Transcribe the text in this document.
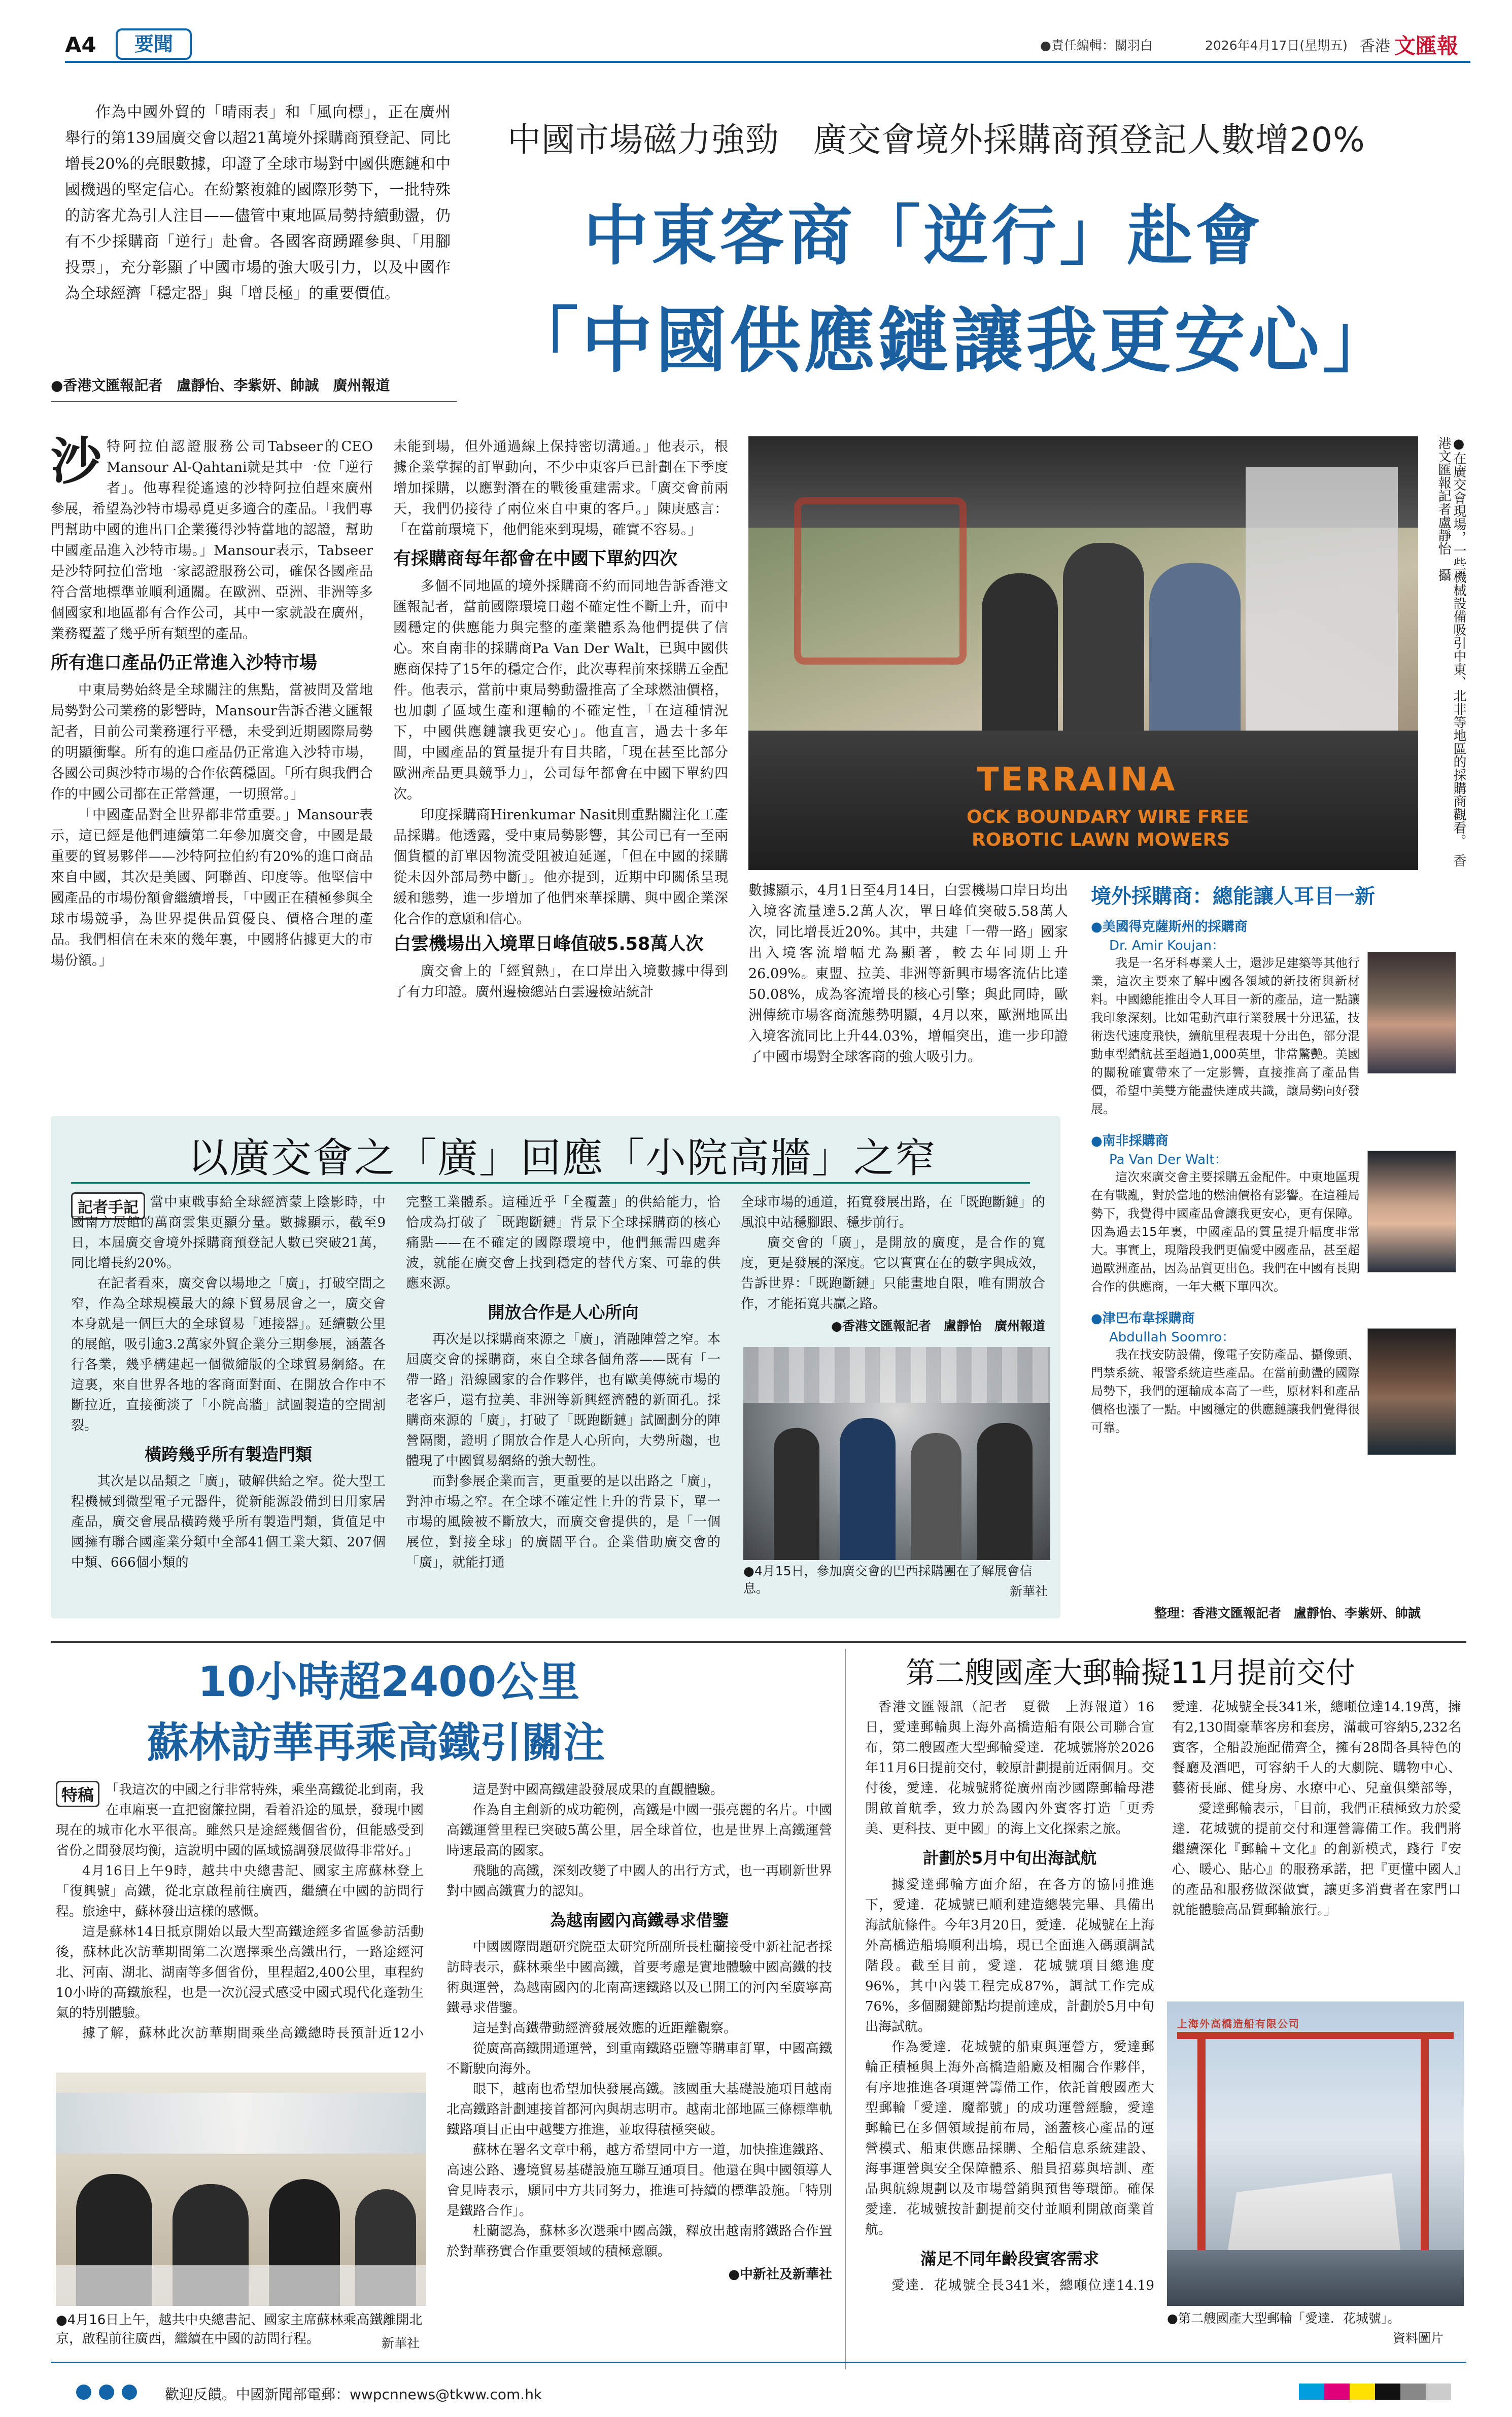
A4	要聞	●責任編輯：關羽白	2026年4月17日(星期五) 香港 文匯報

作為中國外貿的「晴雨表」和「風向標」，正在廣州舉行的第139屆廣交會以超21萬境外採購商預登記、同比增長20%的亮眼數據，印證了全球市場對中國供應鏈和中國機遇的堅定信心。在紛繁複雜的國際形勢下，一批特殊的訪客尤為引人注目——儘管中東地區局勢持續動盪，仍有不少採購商「逆行」赴會。各國客商踴躍參與、「用腳投票」，充分彰顯了中國市場的強大吸引力，以及中國作為全球經濟「穩定器」與「增長極」的重要價值。

●香港文匯報記者　盧靜怡、李紫妍、帥誠　廣州報道
中國市場磁力強勁　廣交會境外採購商預登記人數增20%
中東客商「逆行」赴會
「中國供應鏈讓我更安心」
沙 特阿拉伯認證服務公司Tabseer的CEO Mansour Al-Qahtani就是其中一位「逆行者」。他專程從遙遠的沙特阿拉伯趕來廣州參展，希望為沙特市場尋覓更多適合的產品。「我們專門幫助中國的進出口企業獲得沙特當地的認證，幫助中國產品進入沙特市場。」Mansour表示，Tabseer是沙特阿拉伯當地一家認證服務公司，確保各國產品符合當地標準並順利通關。在歐洲、亞洲、非洲等多個國家和地區都有合作公司，其中一家就設在廣州，業務覆蓋了幾乎所有類型的產品。

所有進口產品仍正常進入沙特市場

中東局勢始終是全球關注的焦點，當被問及當地局勢對公司業務的影響時，Mansour告訴香港文匯報記者，目前公司業務運行平穩，未受到近期國際局勢的明顯衝擊。所有的進口產品仍正常進入沙特市場，各國公司與沙特市場的合作依舊穩固。「所有與我們合作的中國公司都在正常營運，一切照常。」

「中國產品對全世界都非常重要。」Mansour表示，這已經是他們連續第二年參加廣交會，中國是最重要的貿易夥伴——沙特阿拉伯約有20%的進口商品來自中國，其次是美國、阿聯酋、印度等。他堅信中國產品的市場份額會繼續增長，「中國正在積極參與全球市場競爭，為世界提供品質優良、價格合理的產品。我們相信在未來的幾年裏，中國將佔據更大的市場份額。」

未能到場，但外通過線上保持密切溝通。」他表示，根據企業掌握的訂單動向，不少中東客戶已計劃在下季度增加採購，以應對潛在的戰後重建需求。「廣交會前兩天，我們仍接待了兩位來自中東的客戶。」陳庚感言：「在當前環境下，他們能來到現場，確實不容易。」

有採購商每年都會在中國下單約四次

多個不同地區的境外採購商不約而同地告訴香港文匯報記者，當前國際環境日趨不確定性不斷上升，而中國穩定的供應能力與完整的產業體系為他們提供了信心。來自南非的採購商Pa Van Der Walt，已與中國供應商保持了15年的穩定合作，此次專程前來採購五金配件。他表示，當前中東局勢動盪推高了全球燃油價格，也加劇了區域生產和運輸的不確定性，「在這種情況下，中國供應鏈讓我更安心」。他直言，過去十多年間，中國產品的質量提升有目共睹，「現在甚至比部分歐洲產品更具競爭力」，公司每年都會在中國下單約四次。

印度採購商Hirenkumar Nasit則重點關注化工產品採購。他透露，受中東局勢影響，其公司已有一至兩個貨櫃的訂單因物流受阻被迫延遲，「但在中國的採購從未因外部局勢中斷」。他亦提到，近期中印關係呈現緩和態勢，進一步增加了他們來華採購、與中國企業深化合作的意願和信心。

白雲機場出入境單日峰值破5.58萬人次

廣交會上的「經貿熱」，在口岸出入境數據中得到了有力印證。廣州邊檢總站白雲邊檢站統計

數據顯示，4月1日至4月14日，白雲機場口岸日均出入境客流量達5.2萬人次，單日峰值突破5.58萬人次，同比增長近20%。其中，共建「一帶一路」國家出入境客流增幅尤為顯著，較去年同期上升26.09%。東盟、拉美、非洲等新興市場客流佔比達50.08%，成為客流增長的核心引擎；與此同時，歐洲傳統市場客商流態勢明顯，4月以來，歐洲地區出入境客流同比上升44.03%，增幅突出，進一步印證了中國市場對全球客商的強大吸引力。

TERRAINA
OCK BOUNDARY WIRE FREE
ROBOTIC LAWN MOWERS	●在廣交會現場，一些機械設備吸引中東、北非等地區的採購商觀看。　香港文匯報記者盧靜怡　攝
境外採購商：總能讓人耳目一新
●美國得克薩斯州的採購商
Dr. Amir Koujan：

我是一名牙科專業人士，還涉足建築等其他行業，這次主要來了解中國各領域的新技術與新材料。中國總能推出令人耳目一新的產品，這一點讓我印象深刻。比如電動汽車行業發展十分迅猛，技術迭代速度飛快，續航里程表現十分出色，部分混動車型續航甚至超過1,000英里，非常驚艷。美國的關稅確實帶來了一定影響，直接推高了產品售價，希望中美雙方能盡快達成共識，讓局勢向好發展。

●南非採購商
Pa Van Der Walt：

這次來廣交會主要採購五金配件。中東地區現在有戰亂，對於當地的燃油價格有影響。在這種局勢下，我覺得中國產品會讓我更安心，更有保障。因為過去15年裏，中國產品的質量提升幅度非常大。事實上，現階段我們更偏愛中國產品，甚至超過歐洲產品，因為品質更出色。我們在中國有長期合作的供應商，一年大概下單四次。

●津巴布韋採購商
Abdullah Soomro：

我在找安防設備，像電子安防產品、攝像頭、門禁系統、報警系統這些產品。在當前動盪的國際局勢下，我們的運輸成本高了一些，原材料和產品價格也漲了一點。中國穩定的供應鏈讓我們覺得很可靠。

整理：香港文匯報記者　盧靜怡、李紫妍、帥誠
以廣交會之「廣」回應「小院高牆」之窄
記者手記 當中東戰事給全球經濟蒙上陰影時，中國南方展館的萬商雲集更顯分量。數據顯示，截至9日，本屆廣交會境外採購商預登記人數已突破21萬，同比增長約20%。

在記者看來，廣交會以場地之「廣」，打破空間之窄，作為全球規模最大的線下貿易展會之一，廣交會本身就是一個巨大的全球貿易「連接器」。延續數公里的展館，吸引逾3.2萬家外貿企業分三期參展，涵蓋各行各業，幾乎構建起一個微縮版的全球貿易網絡。在這裏，來自世界各地的客商面對面、在開放合作中不斷拉近，直接衝淡了「小院高牆」試圖製造的空間割裂。

橫跨幾乎所有製造門類

其次是以品類之「廣」，破解供給之窄。從大型工程機械到微型電子元器件，從新能源設備到日用家居產品，廣交會展品橫跨幾乎所有製造門類，貨值足中國擁有聯合國產業分類中全部41個工業大類、207個中類、666個小類的

完整工業體系。這種近乎「全覆蓋」的供給能力，恰恰成為打破了「既跑斷鏈」背景下全球採購商的核心痛點——在不確定的國際環境中，他們無需四處奔波，就能在廣交會上找到穩定的替代方案、可靠的供應來源。

開放合作是人心所向

再次是以採購商來源之「廣」，消融陣營之窄。本屆廣交會的採購商，來自全球各個角落——既有「一帶一路」沿線國家的合作夥伴，也有歐美傳統市場的老客戶，還有拉美、非洲等新興經濟體的新面孔。採購商來源的「廣」，打破了「既跑斷鏈」試圖劃分的陣營隔閡，證明了開放合作是人心所向，大勢所趨，也體現了中國貿易網絡的強大韌性。

而對參展企業而言，更重要的是以出路之「廣」，對沖市場之窄。在全球不確定性上升的背景下，單一市場的風險被不斷放大，而廣交會提供的，是「一個展位，對接全球」的廣闊平台。企業借助廣交會的「廣」，就能打通

全球市場的通道，拓寬發展出路，在「既跑斷鏈」的風浪中站穩腳跟、穩步前行。

廣交會的「廣」，是開放的廣度，是合作的寬度，更是發展的深度。它以實實在在的數字與成效，告訴世界：「既跑斷鏈」只能畫地自限，唯有開放合作，才能拓寬共贏之路。

●香港文匯報記者　盧靜怡　廣州報道
●4月15日，參加廣交會的巴西採購團在了解展會信息。	新華社
10小時超2400公里
蘇林訪華再乘高鐵引關注
特稿 「我這次的中國之行非常特殊，乘坐高鐵從北到南，我在車廂裏一直把窗簾拉開，看着沿途的風景，發現中國現在的城市化水平很高。雖然只是途經幾個省份，但能感受到省份之間發展均衡，這說明中國的區域協調發展做得非常好。」

4月16日上午9時，越共中央總書記、國家主席蘇林登上「復興號」高鐵，從北京啟程前往廣西，繼續在中國的訪問行程。旅途中，蘇林發出這樣的感慨。

這是蘇林14日抵京開始以最大型高鐵途經多省區參訪活動後，蘇林此次訪華期間第二次選擇乘坐高鐵出行，一路途經河北、河南、湖北、湖南等多個省份，里程超2,400公里，車程約10小時的高鐵旅程，也是一次沉浸式感受中國式現代化蓬勃生氣的特別體驗。

據了解，蘇林此次訪華期間乘坐高鐵總時長預計近12小

●4月16日上午，越共中央總書記、國家主席蘇林乘高鐵離開北京，啟程前往廣西，繼續在中國的訪問行程。	新華社

這是對中國高鐵建設發展成果的直觀體驗。

作為自主創新的成功範例，高鐵是中國一張亮麗的名片。中國高鐵運營里程已突破5萬公里，居全球首位，也是世界上高鐵運營時速最高的國家。

飛馳的高鐵，深刻改變了中國人的出行方式，也一再刷新世界對中國高鐵實力的認知。

為越南國內高鐵尋求借鑒

中國國際問題研究院亞太研究所副所長杜蘭接受中新社記者採訪時表示，蘇林乘坐中國高鐵，首要考慮是實地體驗中國高鐵的技術與運營，為越南國內的北南高速鐵路以及已開工的河內至廣寧高鐵尋求借鑒。

這是對高鐵帶動經濟發展效應的近距離觀察。

從廣高高鐵開通運營，到重南鐵路亞鹽等購車訂單，中國高鐵不斷駛向海外。

眼下，越南也希望加快發展高鐵。該國重大基礎設施項目越南北高鐵路計劃連接首都河內與胡志明市。越南北部地區三條標準軌鐵路項目正由中越雙方推進，並取得積極突破。

蘇林在署名文章中稱，越方希望同中方一道，加快推進鐵路、高速公路、邊境貿易基礎設施互聯互通項目。他還在與中國領導人會見時表示，願同中方共同努力，推進可持續的標準設施。「特別是鐵路合作」。

杜蘭認為，蘇林多次選乘中國高鐵，釋放出越南將鐵路合作置於對華務實合作重要領域的積極意願。

●中新社及新華社
第二艘國產大郵輪擬11月提前交付

香港文匯報訊（記者　夏微　上海報道）16日，愛達郵輪與上海外高橋造船有限公司聯合宣布，第二艘國產大型郵輪愛達．花城號將於2026年11月6日提前交付，較原計劃提前近兩個月。交付後，愛達．花城號將從廣州南沙國際郵輪母港開啟首航季，致力於為國內外賓客打造「更秀美、更科技、更中國」的海上文化探索之旅。

計劃於5月中旬出海試航

據愛達郵輪方面介紹，在各方的協同推進下，愛達．花城號已順利建造總裝完畢、具備出海試航條件。今年3月20日，愛達．花城號在上海外高橋造船塢順利出塢，現已全面進入碼頭調試階段。截至目前，愛達．花城號項目總進度96%，其中內裝工程完成87%，調試工作完成76%，多個關鍵節點均提前達成，計劃於5月中旬出海試航。

作為愛達．花城號的船東與運營方，愛達郵輪正積極與上海外高橋造船廠及相關合作夥伴，有序地推進各項運營籌備工作，依託首艘國產大型郵輪「愛達．魔都號」的成功運營經驗，愛達郵輪已在多個領域提前布局，涵蓋核心產品的運營模式、船東供應品採購、全船信息系統建設、海事運營與安全保障體系、船員招募與培訓、產品與航線規劃以及市場營銷與預售等環節。確保愛達．花城號按計劃提前交付並順利開啟商業首航。

滿足不同年齡段賓客需求

愛達．花城號全長341米，總噸位達14.19

愛達．花城號全長341米，總噸位達14.19萬，擁有2,130間豪華客房和套房，滿載可容納5,232名賓客，全船設施配備齊全，擁有28間各具特色的餐廳及酒吧，可容納千人的大劇院、購物中心、藝術長廊、健身房、水療中心、兒童俱樂部等，

愛達郵輪表示，「目前，我們正積極致力於愛達．花城號的提前交付和運營籌備工作。我們將繼續深化『郵輪＋文化』的創新模式，踐行『安心、暖心、貼心』的服務承諾，把『更懂中國人』的產品和服務做深做實，讓更多消費者在家門口就能體驗高品質郵輪旅行。」

上海外高橋造船有限公司
●第二艘國產大型郵輪「愛達．花城號」。
資料圖片
歡迎反饋。中國新聞部電郵：wwpcnnews@tkww.com.hk
